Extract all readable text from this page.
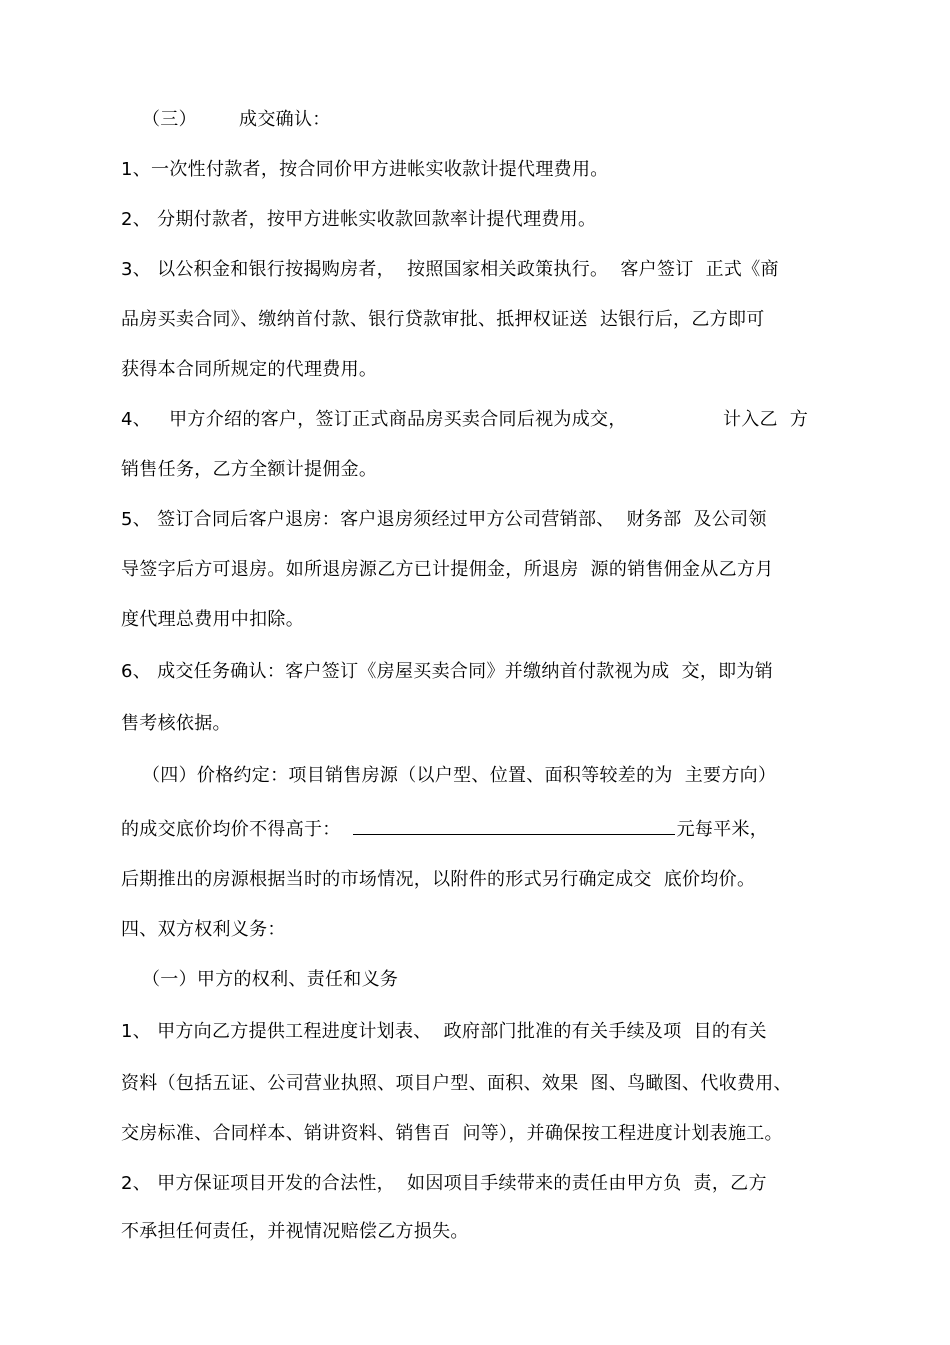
（三）       成交确认：
1、一次性付款者，按合同价甲方进帐实收款计提代理费用。
2、 分期付款者，按甲方进帐实收款回款率计提代理费用。
3、 以公积金和银行按揭购房者，  按照国家相关政策执行。  客户签订  正式《商
品房买卖合同》、缴纳首付款、银行贷款审批、抵押权证送  达银行后，乙方即可
获得本合同所规定的代理费用。
4、   甲方介绍的客户，签订正式商品房买卖合同后视为成交，                计入乙  方
销售任务，乙方全额计提佣金。
5、 签订合同后客户退房：客户退房须经过甲方公司营销部、  财务部  及公司领
导签字后方可退房。如所退房源乙方已计提佣金，所退房  源的销售佣金从乙方月
度代理总费用中扣除。
6、 成交任务确认：客户签订《房屋买卖合同》并缴纳首付款视为成  交，即为销
售考核依据。
（四）价格约定：项目销售房源（以户型、位置、面积等较差的为  主要方向）
的成交底价均价不得高于：	元每平米，
后期推出的房源根据当时的市场情况，以附件的形式另行确定成交  底价均价。
四、双方权利义务：
（一）甲方的权利、责任和义务
1、 甲方向乙方提供工程进度计划表、  政府部门批准的有关手续及项  目的有关
资料（包括五证、公司营业执照、项目户型、面积、效果  图、鸟瞰图、代收费用、
交房标准、合同样本、销讲资料、销售百  问等），并确保按工程进度计划表施工。
2、 甲方保证项目开发的合法性，  如因项目手续带来的责任由甲方负  责，乙方
不承担任何责任，并视情况赔偿乙方损失。
